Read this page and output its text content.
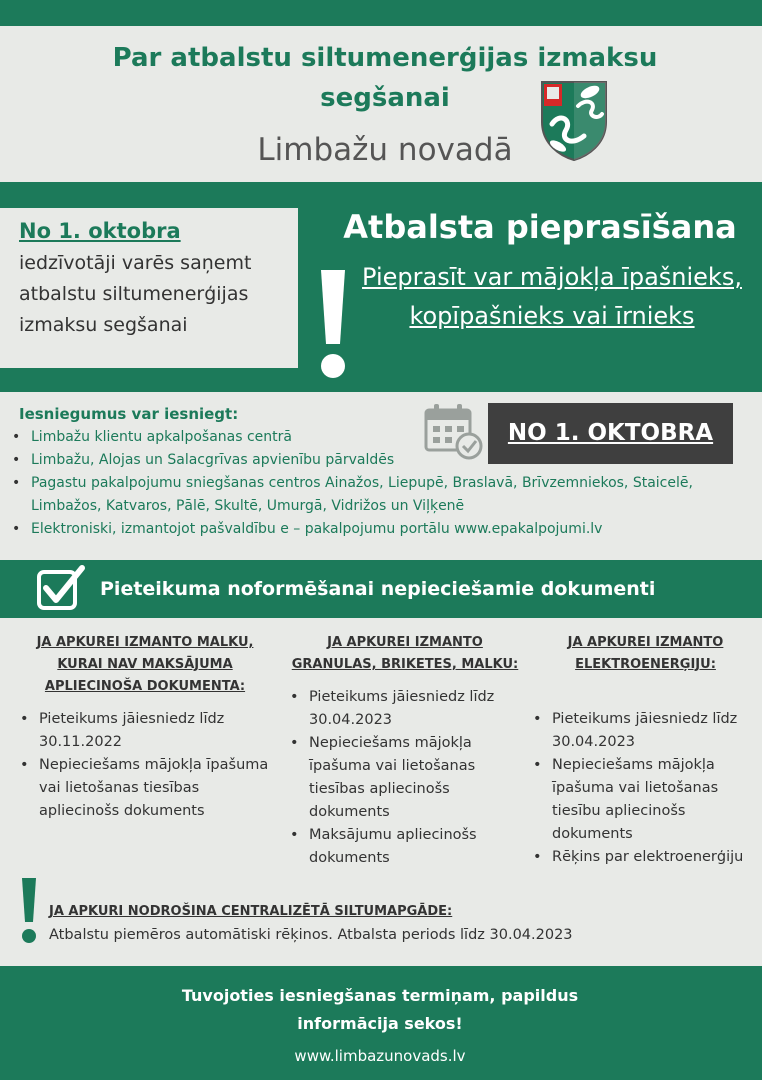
Par atbalstu siltumenerģijas izmaksu segšanai
Limbažu novadā
No 1. oktobra
iedzīvotāji varēs saņemt atbalstu siltumenerģijas izmaksu segšanai
Atbalsta pieprasīšana
Pieprasīt var mājokļa īpašnieks, kopīpašnieks vai īrnieks
Iesniegumus var iesniegt:
• Limbažu klientu apkalpošanas centrā
• Limbažu, Alojas un Salacgrīvas apvienību pārvaldēs
• Pagastu pakalpojumu sniegšanas centros Ainažos, Liepupē, Braslavā, Brīvzemniekos, Staicelē, Limbažos, Katvaros, Pālē, Skultē, Umurgā, Vidrižos un Viļķenē
• Elektroniski, izmantojot pašvaldību e – pakalpojumu portālu www.epakalpojumi.lv
NO 1. OKTOBRA
Pieteikuma noformēšanai nepieciešamie dokumenti
JA APKUREI IZMANTO MALKU, KURAI NAV MAKSĀJUMA APLIECINOŠA DOKUMENTA:
• Pieteikums jāiesniedz līdz 30.11.2022
• Nepieciešams mājokļa īpašuma vai lietošanas tiesības apliecinošs dokuments
JA APKUREI IZMANTO GRANULAS, BRIKETES, MALKU:
• Pieteikums jāiesniedz līdz 30.04.2023
• Nepieciešams mājokļa īpašuma vai lietošanas tiesības apliecinošs dokuments
• Maksājumu apliecinošs dokuments
JA APKUREI IZMANTO ELEKTROENERĢIJU:
• Pieteikums jāiesniedz līdz 30.04.2023
• Nepieciešams mājokļa īpašuma vai lietošanas tiesību apliecinošs dokuments
• Rēķins par elektroenerģiju
JA APKURI NODROŠINA CENTRALIZĒTĀ SILTUMAPGĀDE:
Atbalstu piemēros automātiski rēķinos. Atbalsta periods līdz 30.04.2023
Tuvojoties iesniegšanas termiņam, papildus informācija sekos!
www.limbazunovads.lv
